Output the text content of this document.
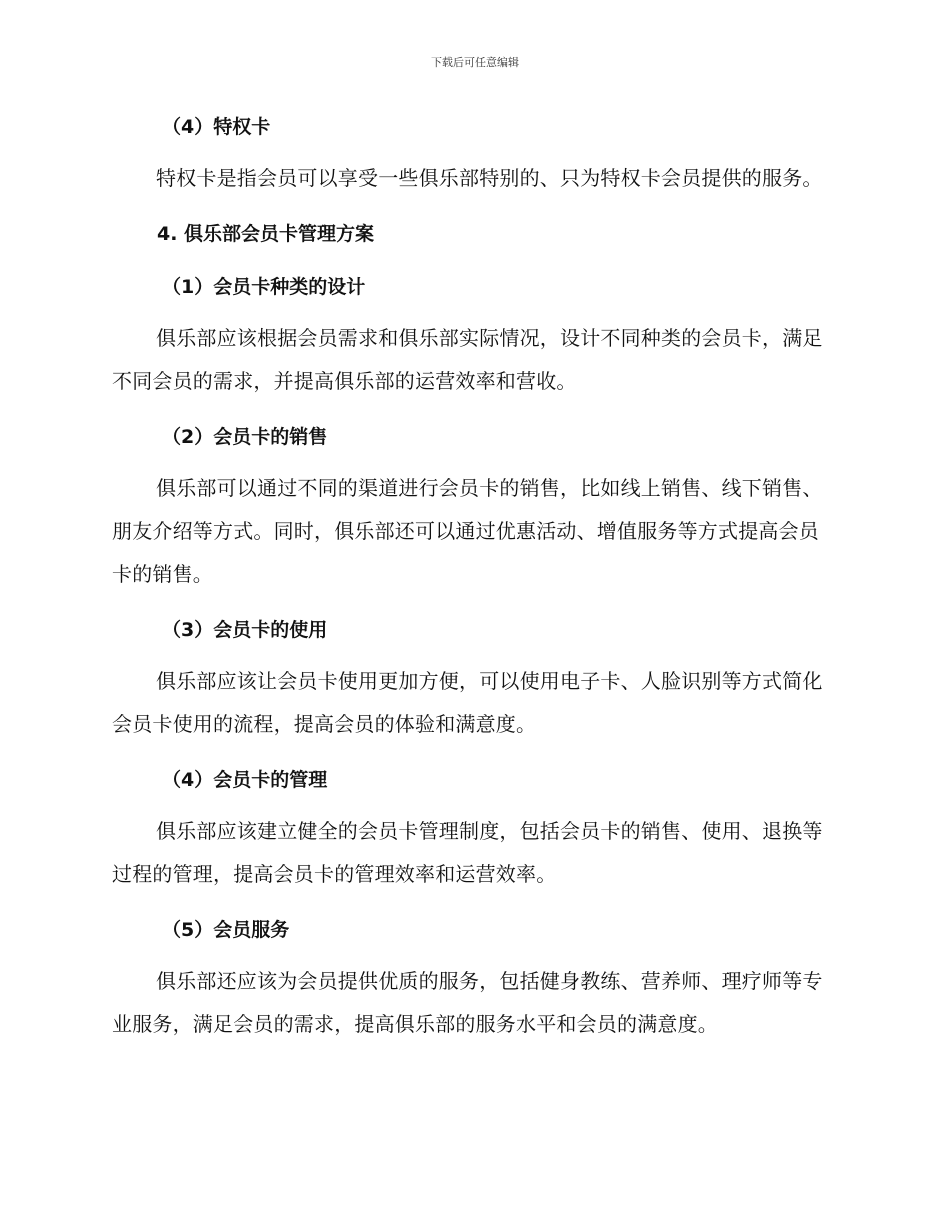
下载后可任意编辑
（4）特权卡

特权卡是指会员可以享受一些俱乐部特别的、只为特权卡会员提供的服务。

4. 俱乐部会员卡管理方案
（1）会员卡种类的设计

俱乐部应该根据会员需求和俱乐部实际情况，设计不同种类的会员卡，满足不同会员的需求，并提高俱乐部的运营效率和营收。

（2）会员卡的销售

俱乐部可以通过不同的渠道进行会员卡的销售，比如线上销售、线下销售、朋友介绍等方式。同时，俱乐部还可以通过优惠活动、增值服务等方式提高会员卡的销售。

（3）会员卡的使用

俱乐部应该让会员卡使用更加方便，可以使用电子卡、人脸识别等方式简化会员卡使用的流程，提高会员的体验和满意度。

（4）会员卡的管理

俱乐部应该建立健全的会员卡管理制度，包括会员卡的销售、使用、退换等过程的管理，提高会员卡的管理效率和运营效率。

（5）会员服务

俱乐部还应该为会员提供优质的服务，包括健身教练、营养师、理疗师等专业服务，满足会员的需求，提高俱乐部的服务水平和会员的满意度。
